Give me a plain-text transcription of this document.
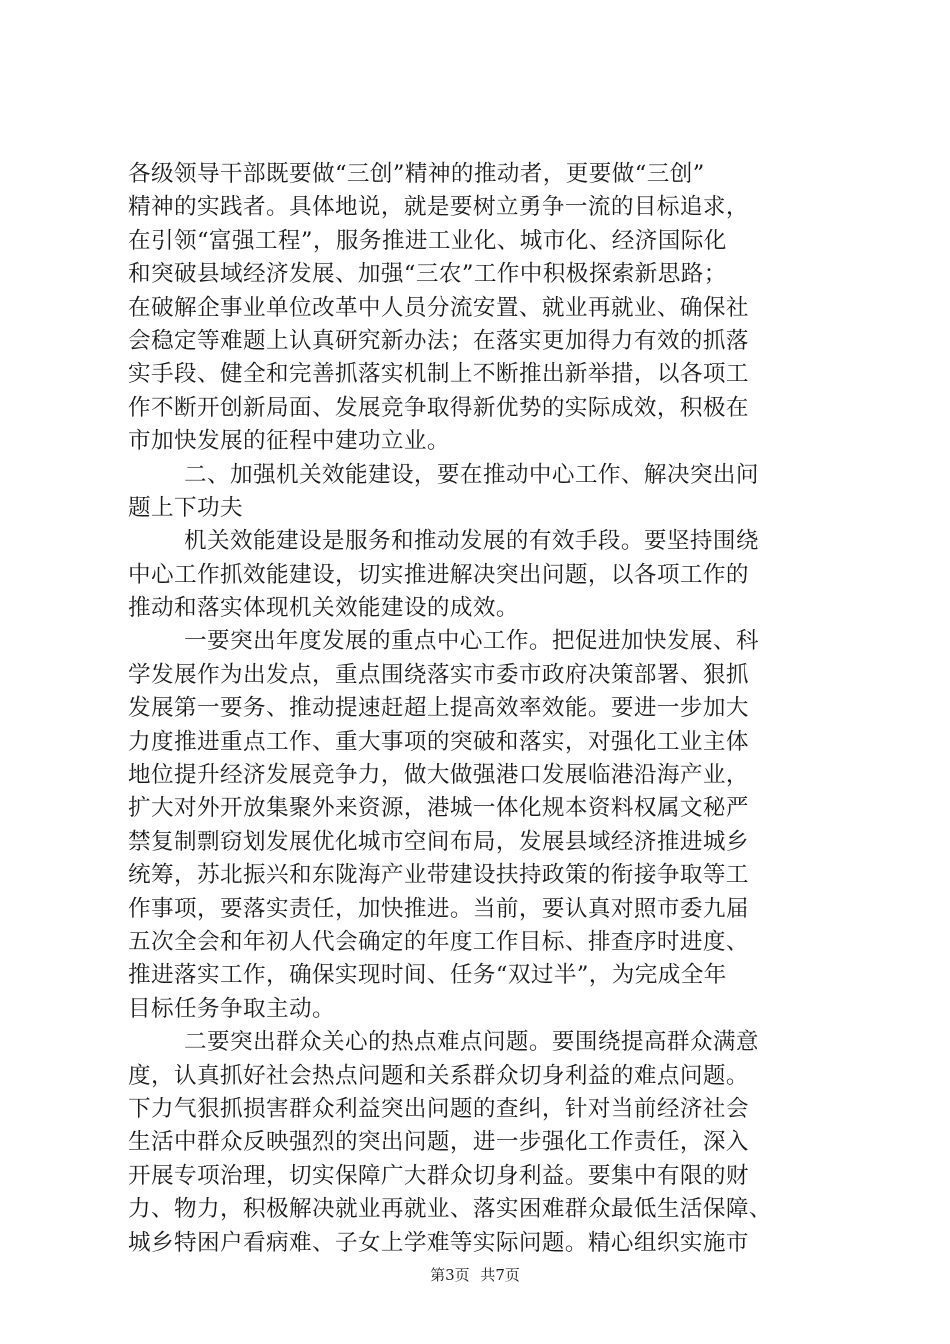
各级领导干部既要做“三创”精神的推动者，更要做“三创”
精神的实践者。具体地说，就是要树立勇争一流的目标追求，
在引领“富强工程”，服务推进工业化、城市化、经济国际化
和突破县域经济发展、加强“三农”工作中积极探索新思路；
在破解企事业单位改革中人员分流安置、就业再就业、确保社
会稳定等难题上认真研究新办法；在落实更加得力有效的抓落
实手段、健全和完善抓落实机制上不断推出新举措，以各项工
作不断开创新局面、发展竞争取得新优势的实际成效，积极在
市加快发展的征程中建功立业。
二、加强机关效能建设，要在推动中心工作、解决突出问
题上下功夫
机关效能建设是服务和推动发展的有效手段。要坚持围绕
中心工作抓效能建设，切实推进解决突出问题，以各项工作的
推动和落实体现机关效能建设的成效。
一要突出年度发展的重点中心工作。把促进加快发展、科
学发展作为出发点，重点围绕落实市委市政府决策部署、狠抓
发展第一要务、推动提速赶超上提高效率效能。要进一步加大
力度推进重点工作、重大事项的突破和落实，对强化工业主体
地位提升经济发展竞争力，做大做强港口发展临港沿海产业，
扩大对外开放集聚外来资源，港城一体化规本资料权属文秘严
禁复制剽窃划发展优化城市空间布局，发展县域经济推进城乡
统筹，苏北振兴和东陇海产业带建设扶持政策的衔接争取等工
作事项，要落实责任，加快推进。当前，要认真对照市委九届
五次全会和年初人代会确定的年度工作目标、排查序时进度、
推进落实工作，确保实现时间、任务“双过半”，为完成全年
目标任务争取主动。
二要突出群众关心的热点难点问题。要围绕提高群众满意
度，认真抓好社会热点问题和关系群众切身利益的难点问题。
下力气狠抓损害群众利益突出问题的查纠，针对当前经济社会
生活中群众反映强烈的突出问题，进一步强化工作责任，深入
开展专项治理，切实保障广大群众切身利益。要集中有限的财
力、物力，积极解决就业再就业、落实困难群众最低生活保障、
城乡特困户看病难、子女上学难等实际问题。精心组织实施市
第3页 共7页
